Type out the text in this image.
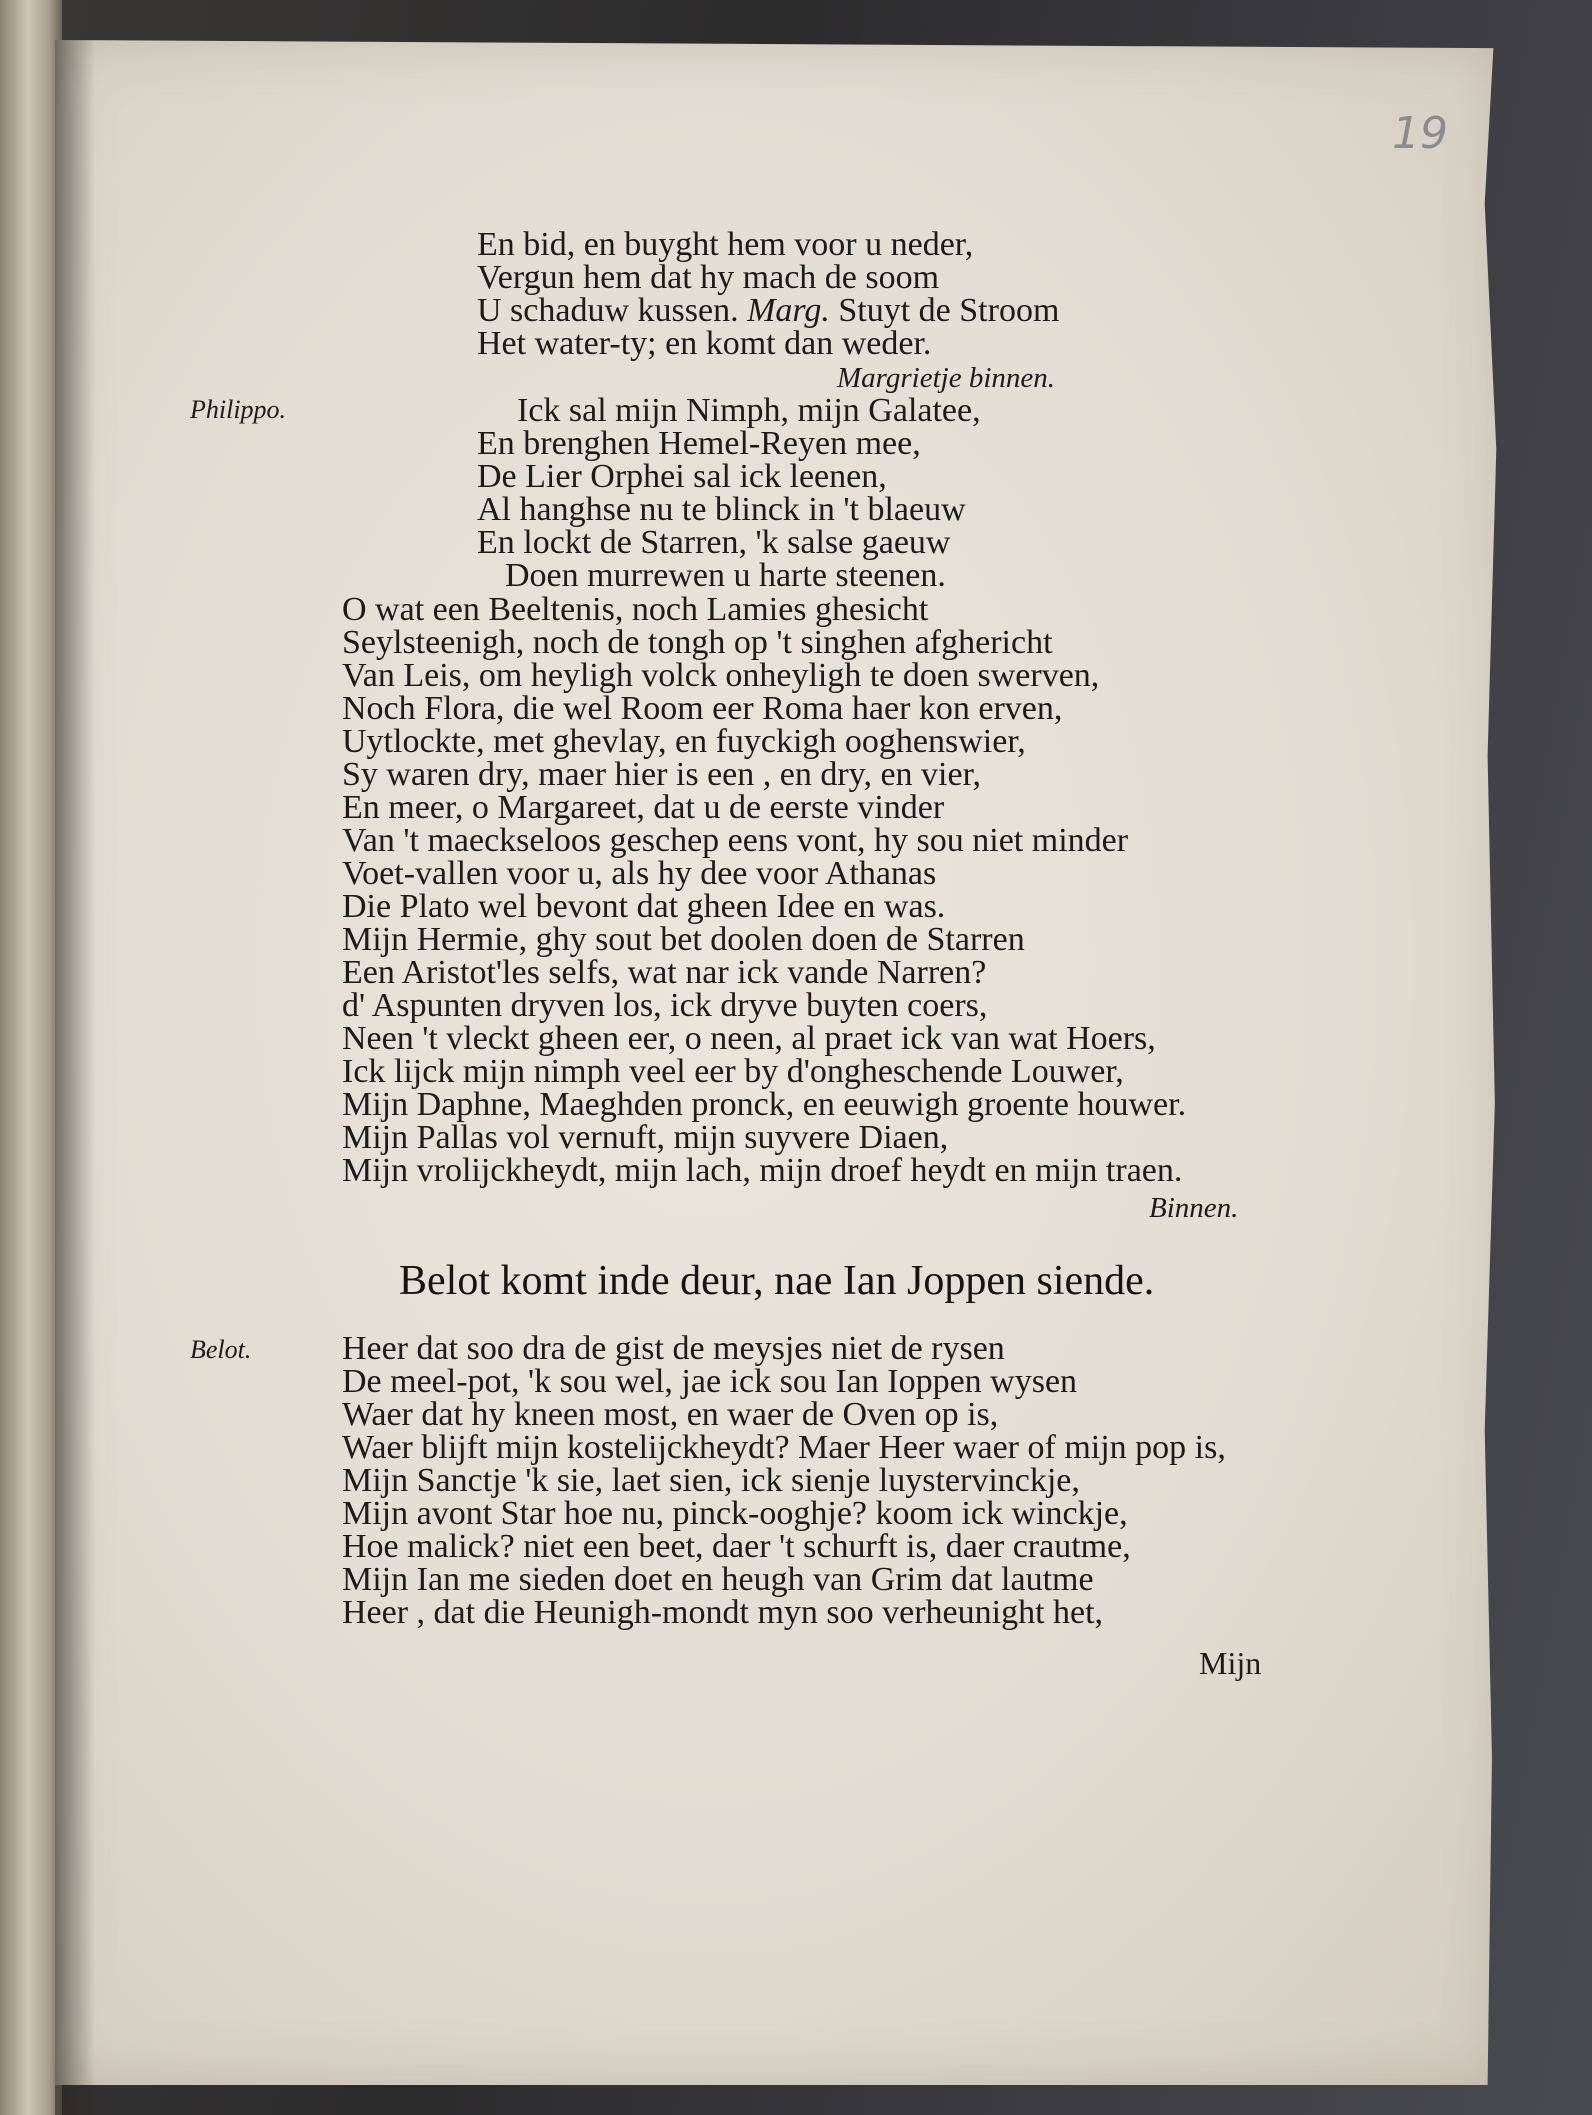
19
En bid, en buyght hem voor u neder,
Vergun hem dat hy mach de soom
U schaduw kussen. Marg. Stuyt de Stroom
Het water-ty; en komt dan weder.
Margrietje binnen.
Philippo.	Ick sal mijn Nimph, mijn Galatee,
En brenghen Hemel-Reyen mee,
De Lier Orphei sal ick leenen,
Al hanghse nu te blinck in 't blaeuw
En lockt de Starren, 'k salse gaeuw
Doen murrewen u harte steenen.
O wat een Beeltenis, noch Lamies ghesicht
Seylsteenigh, noch de tongh op 't singhen afghericht
Van Leis, om heyligh volck onheyligh te doen swerven,
Noch Flora, die wel Room eer Roma haer kon erven,
Uytlockte, met ghevlay, en fuyckigh ooghenswier,
Sy waren dry, maer hier is een , en dry, en vier,
En meer, o Margareet, dat u de eerste vinder
Van 't maeckseloos geschep eens vont, hy sou niet minder
Voet-vallen voor u, als hy dee voor Athanas
Die Plato wel bevont dat gheen Idee en was.
Mijn Hermie, ghy sout bet doolen doen de Starren
Een Aristot'les selfs, wat nar ick vande Narren?
d' Aspunten dryven los, ick dryve buyten coers,
Neen 't vleckt gheen eer, o neen, al praet ick van wat Hoers,
Ick lijck mijn nimph veel eer by d'ongheschende Louwer,
Mijn Daphne, Maeghden pronck, en eeuwigh groente houwer.
Mijn Pallas vol vernuft, mijn suyvere Diaen,
Mijn vrolijckheydt, mijn lach, mijn droef heydt en mijn traen.
Binnen.
Belot komt inde deur, nae Ian Joppen siende.
Belot.	Heer dat soo dra de gist de meysjes niet de rysen
De meel-pot, 'k sou wel, jae ick sou Ian Ioppen wysen
Waer dat hy kneen most, en waer de Oven op is,
Waer blijft mijn kostelijckheydt? Maer Heer waer of mijn pop is,
Mijn Sanctje 'k sie, laet sien, ick sienje luystervinckje,
Mijn avont Star hoe nu, pinck-ooghje? koom ick winckje,
Hoe malick? niet een beet, daer 't schurft is, daer crautme,
Mijn Ian me sieden doet en heugh van Grim dat lautme
Heer , dat die Heunigh-mondt myn soo verheunight het,
Mijn
